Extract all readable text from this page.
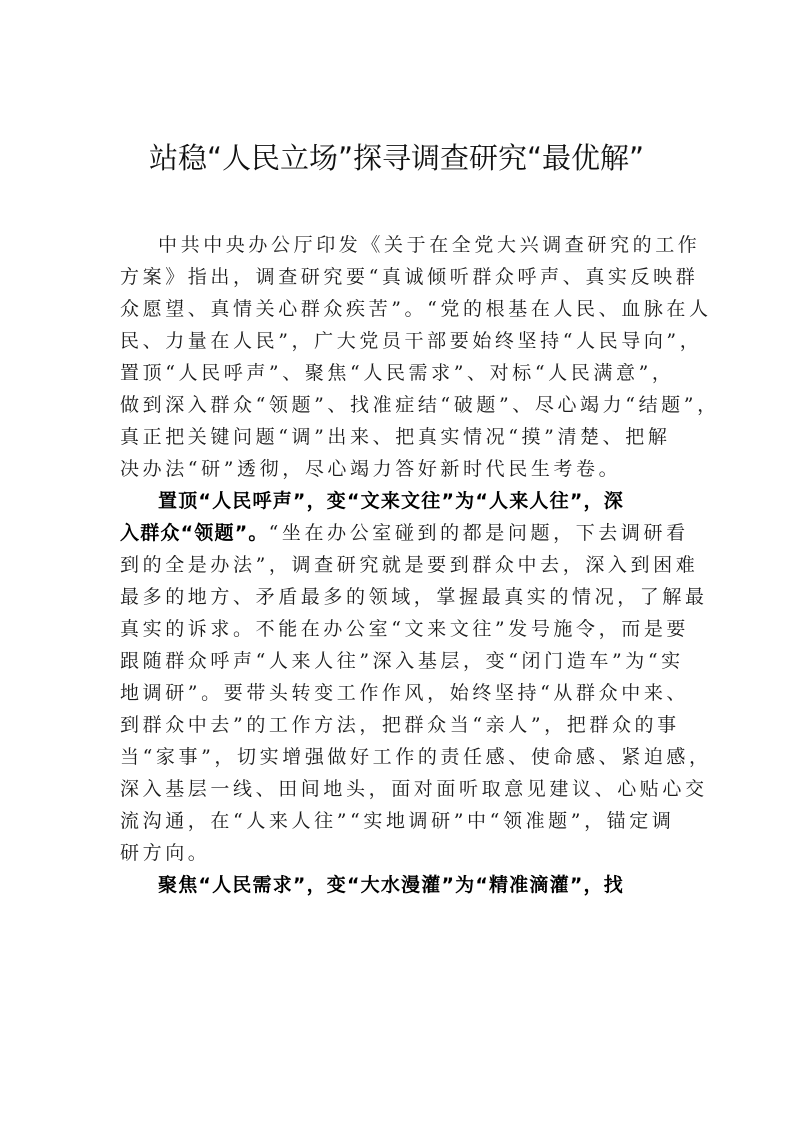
站稳“人民立场”探寻调查研究“最优解”
中共中央办公厅印发《关于在全党大兴调查研究的工作
方案》指出，调查研究要“真诚倾听群众呼声、真实反映群
众愿望、真情关心群众疾苦”。“党的根基在人民、血脉在人
民、力量在人民”，广大党员干部要始终坚持“人民导向”，
置顶“人民呼声”、聚焦“人民需求”、对标“人民满意”，
做到深入群众“领题”、找准症结“破题”、尽心竭力“结题”，
真正把关键问题“调”出来、把真实情况“摸”清楚、把解
决办法“研”透彻，尽心竭力答好新时代民生考卷。
置顶“人民呼声”，变“文来文往”为“人来人往”，深
入群众“领题”。“坐在办公室碰到的都是问题，下去调研看
到的全是办法”，调查研究就是要到群众中去，深入到困难
最多的地方、矛盾最多的领域，掌握最真实的情况，了解最
真实的诉求。不能在办公室“文来文往”发号施令，而是要
跟随群众呼声“人来人往”深入基层，变“闭门造车”为“实
地调研”。要带头转变工作作风，始终坚持“从群众中来、
到群众中去”的工作方法，把群众当“亲人”，把群众的事
当“家事”，切实增强做好工作的责任感、使命感、紧迫感，
深入基层一线、田间地头，面对面听取意见建议、心贴心交
流沟通，在“人来人往”“实地调研”中“领准题”，锚定调
研方向。
聚焦“人民需求”，变“大水漫灌”为“精准滴灌”，找
